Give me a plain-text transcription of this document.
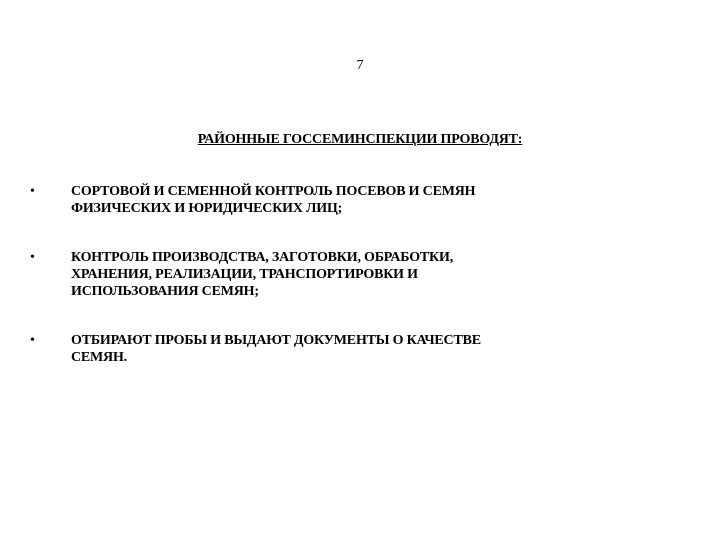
7
РАЙОННЫЕ ГОССЕМИНСПЕКЦИИ ПРОВОДЯТ:
•	СОРТОВОЙ И СЕМЕННОЙ КОНТРОЛЬ ПОСЕВОВ И СЕМЯН
ФИЗИЧЕСКИХ И ЮРИДИЧЕСКИХ ЛИЦ;
•	КОНТРОЛЬ ПРОИЗВОДСТВА, ЗАГОТОВКИ, ОБРАБОТКИ,
ХРАНЕНИЯ, РЕАЛИЗАЦИИ, ТРАНСПОРТИРОВКИ И
ИСПОЛЬЗОВАНИЯ СЕМЯН;
•	ОТБИРАЮТ ПРОБЫ И ВЫДАЮТ ДОКУМЕНТЫ О КАЧЕСТВЕ
СЕМЯН.
